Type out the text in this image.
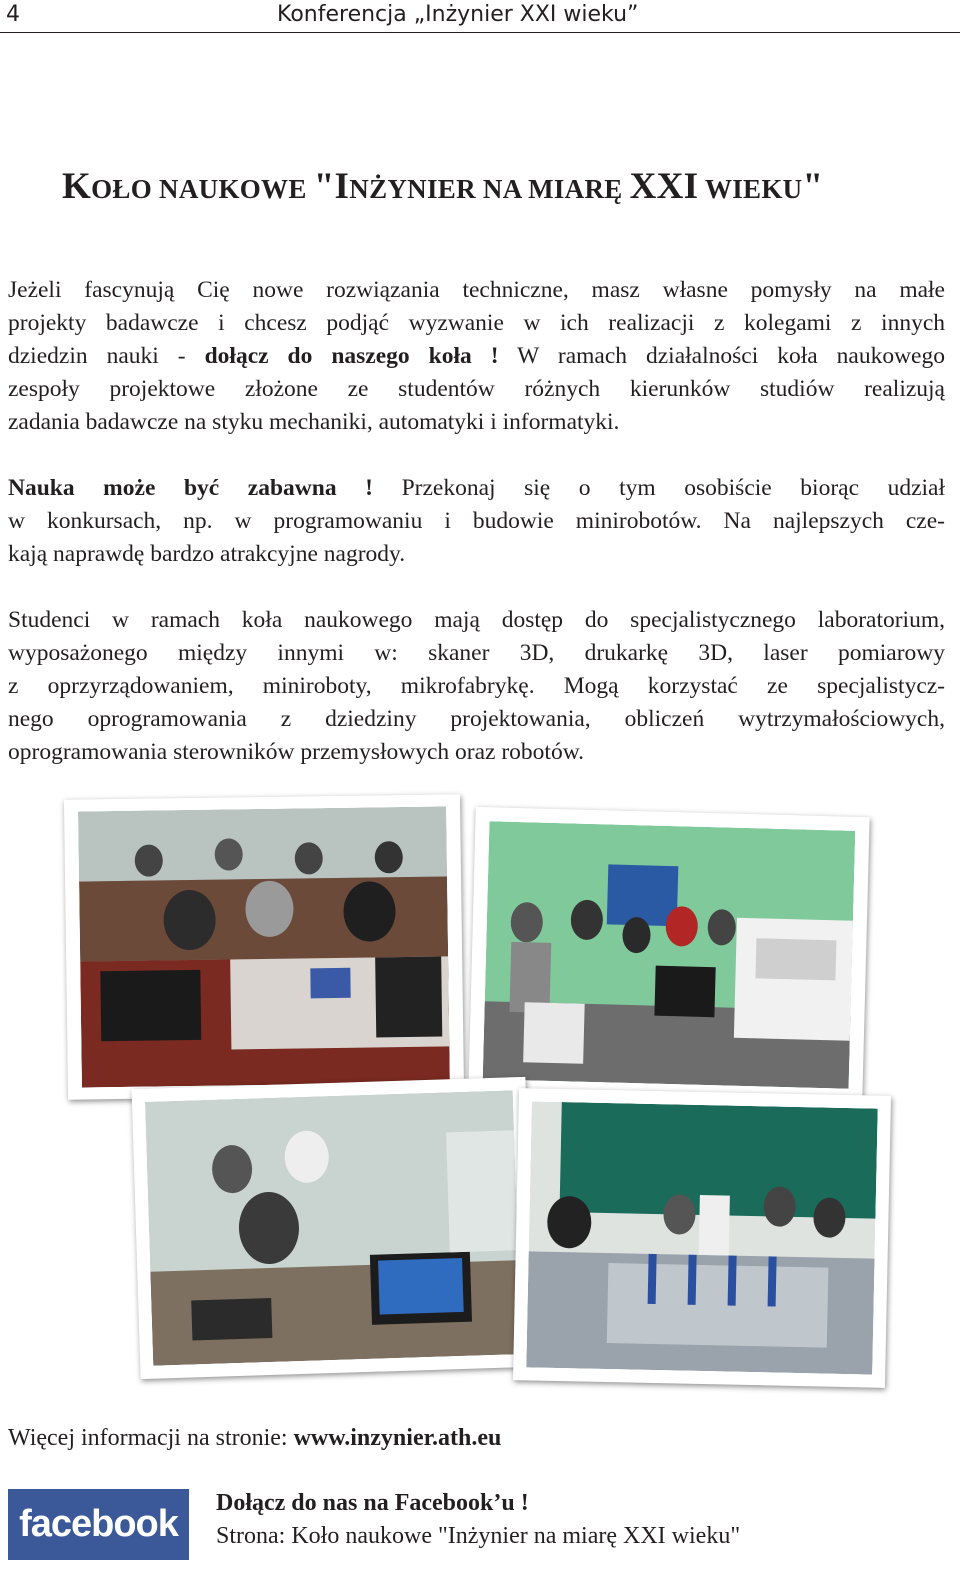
4	Konferencja „Inżynier XXI wieku”
KOŁO NAUKOWE "INŻYNIER NA MIARĘ XXI WIEKU"
Jeżeli fascynują Cię nowe rozwiązania techniczne, masz własne pomysły na małe
projekty badawcze i chcesz podjąć wyzwanie w ich realizacji z kolegami z innych
dziedzin nauki - dołącz do naszego koła ! W ramach działalności koła naukowego
zespoły projektowe złożone ze studentów różnych kierunków studiów realizują
zadania badawcze na styku mechaniki, automatyki i informatyki.
Nauka może być zabawna ! Przekonaj się o tym osobiście biorąc udział
w konkursach, np. w programowaniu i budowie minirobotów. Na najlepszych cze-
kają naprawdę bardzo atrakcyjne nagrody.
Studenci w ramach koła naukowego mają dostęp do specjalistycznego laboratorium,
wyposażonego między innymi w: skaner 3D, drukarkę 3D, laser pomiarowy
z oprzyrządowaniem, miniroboty, mikrofabrykę. Mogą korzystać ze specjalistycz-
nego oprogramowania z dziedziny projektowania, obliczeń wytrzymałościowych,
oprogramowania sterowników przemysłowych oraz robotów.
Więcej informacji na stronie: www.inzynier.ath.eu
facebook Dołącz do nas na Facebook’u !
Strona: Koło naukowe "Inżynier na miarę XXI wieku"
